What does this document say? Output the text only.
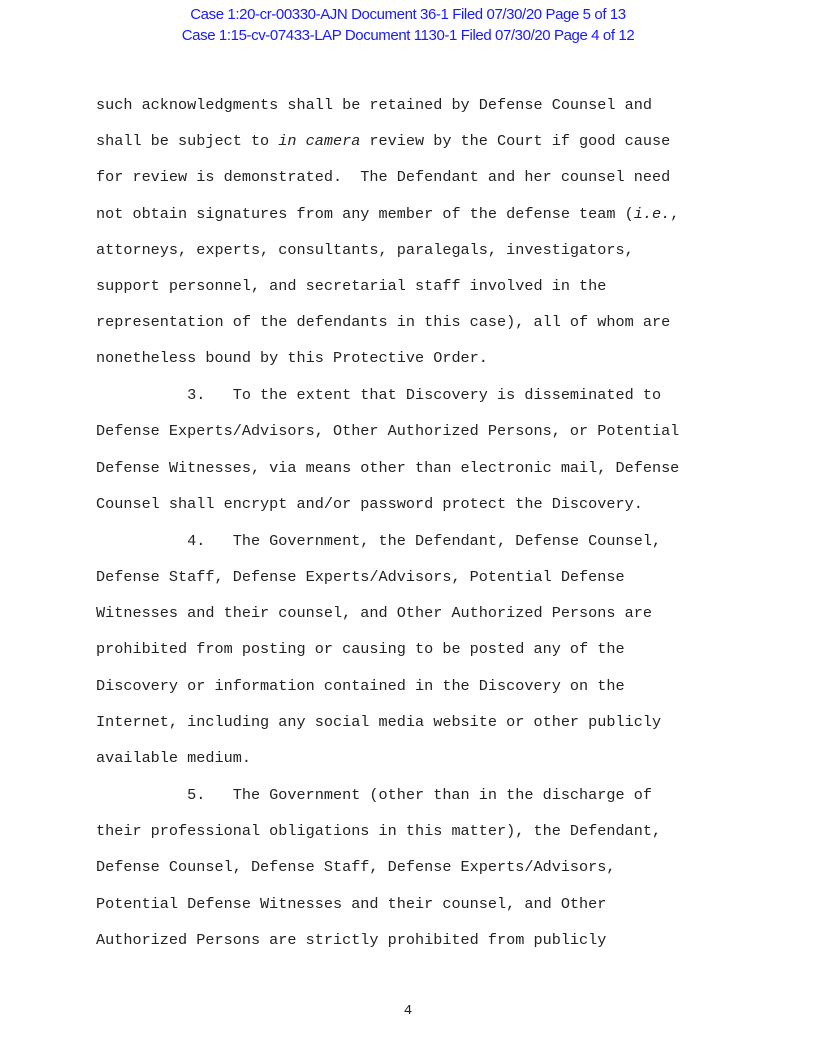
Case 1:20-cr-00330-AJN Document 36-1 Filed 07/30/20 Page 5 of 13
Case 1:15-cv-07433-LAP Document 1130-1 Filed 07/30/20 Page 4 of 12
such acknowledgments shall be retained by Defense Counsel and
shall be subject to in camera review by the Court if good cause
for review is demonstrated.  The Defendant and her counsel need
not obtain signatures from any member of the defense team (i.e.,
attorneys, experts, consultants, paralegals, investigators,
support personnel, and secretarial staff involved in the
representation of the defendants in this case), all of whom are
nonetheless bound by this Protective Order.
3.   To the extent that Discovery is disseminated to
Defense Experts/Advisors, Other Authorized Persons, or Potential
Defense Witnesses, via means other than electronic mail, Defense
Counsel shall encrypt and/or password protect the Discovery.
4.   The Government, the Defendant, Defense Counsel,
Defense Staff, Defense Experts/Advisors, Potential Defense
Witnesses and their counsel, and Other Authorized Persons are
prohibited from posting or causing to be posted any of the
Discovery or information contained in the Discovery on the
Internet, including any social media website or other publicly
available medium.
5.   The Government (other than in the discharge of
their professional obligations in this matter), the Defendant,
Defense Counsel, Defense Staff, Defense Experts/Advisors,
Potential Defense Witnesses and their counsel, and Other
Authorized Persons are strictly prohibited from publicly
4
